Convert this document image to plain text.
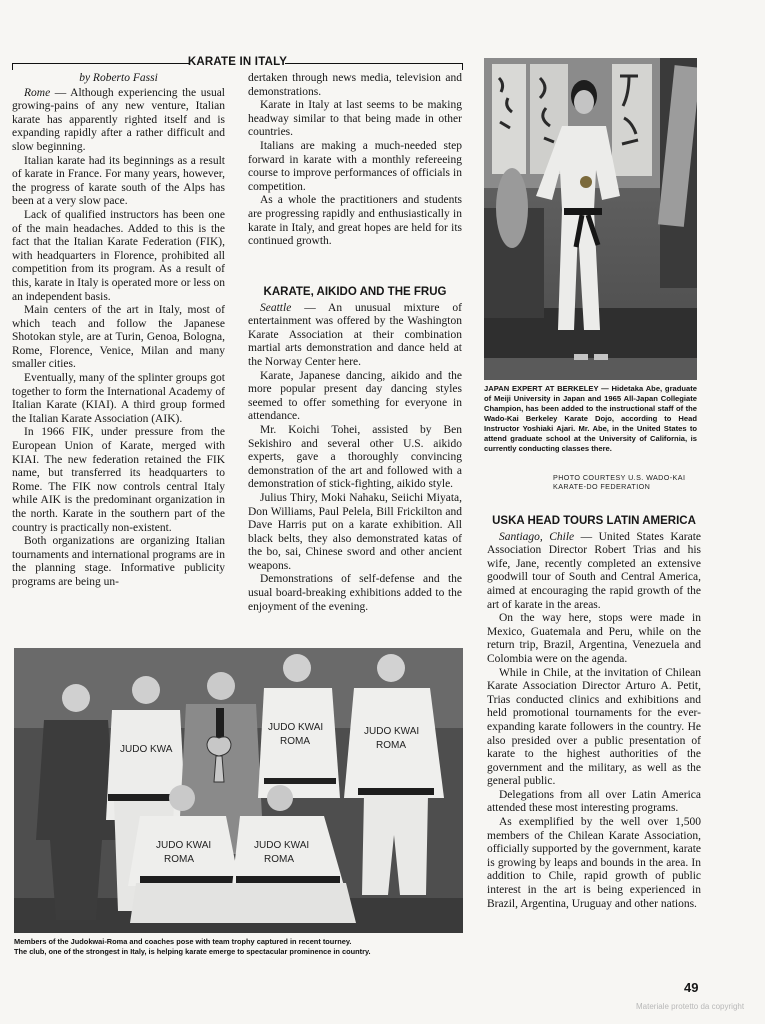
KARATE IN ITALY

by Roberto Fassi

Rome — Although experiencing the usual growing-pains of any new venture, Italian karate has apparently righted itself and is expanding rapidly after a rather difficult and slow beginning.

Italian karate had its beginnings as a result of karate in France. For many years, however, the progress of karate south of the Alps has been at a very slow pace.

Lack of qualified instructors has been one of the main headaches. Added to this is the fact that the Italian Karate Federation (FIK), with headquarters in Florence, prohibited all competition from its program. As a result of this, karate in Italy is operated more or less on an independent basis.

Main centers of the art in Italy, most of which teach and follow the Japanese Shotokan style, are at Turin, Genoa, Bologna, Rome, Florence, Venice, Milan and many smaller cities.

Eventually, many of the splinter groups got together to form the International Academy of Italian Karate (KIAI). A third group formed the Italian Karate Association (AIK).

In 1966 FIK, under pressure from the European Union of Karate, merged with KIAI. The new federation retained the FIK name, but transferred its headquarters to Rome. The FIK now controls central Italy while AIK is the predominant organization in the north. Karate in the southern part of the country is practically non-existent.

Both organizations are organizing Italian tournaments and international programs are in the planning stage. Informative publicity programs are being un-

dertaken through news media, television and demonstrations.

Karate in Italy at last seems to be making headway similar to that being made in other countries.

Italians are making a much-needed step forward in karate with a monthly refereeing course to improve performances of officials in competition.

As a whole the practitioners and students are progressing rapidly and enthusiastically in karate in Italy, and great hopes are held for its continued growth.

KARATE, AIKIDO AND THE FRUG

Seattle — An unusual mixture of entertainment was offered by the Washington Karate Association at their combination martial arts demonstration and dance held at the Norway Center here.

Karate, Japanese dancing, aikido and the more popular present day dancing styles seemed to offer something for everyone in attendance.

Mr. Koichi Tohei, assisted by Ben Sekishiro and several other U.S. aikido experts, gave a thoroughly convincing demonstration of the art and followed with a demonstration of stick-fighting, aikido style.

Julius Thiry, Moki Nahaku, Seiichi Miyata, Don Williams, Paul Pelela, Bill Frickilton and Dave Harris put on a karate exhibition. All black belts, they also demonstrated katas of the bo, sai, Chinese sword and other ancient weapons.

Demonstrations of self-defense and the usual board-breaking exhibitions added to the enjoyment of the evening.

JAPAN EXPERT AT BERKELEY — Hidetaka Abe, graduate of Meiji University in Japan and 1965 All-Japan Collegiate Champion, has been added to the instructional staff of the Wado-Kai Berkeley Karate Dojo, according to Head Instructor Yoshiaki Ajari. Mr. Abe, in the United States to attend graduate school at the University of California, is currently conducting classes there.
PHOTO COURTESY U.S. WADO-KAI
KARATE-DO FEDERATION

USKA HEAD TOURS LATIN AMERICA

Santiago, Chile — United States Karate Association Director Robert Trias and his wife, Jane, recently completed an extensive goodwill tour of South and Central America, aimed at encouraging the rapid growth of the art of karate in the areas.

On the way here, stops were made in Mexico, Guatemala and Peru, while on the return trip, Brazil, Argentina, Venezuela and Colombia were on the agenda.

While in Chile, at the invitation of Chilean Karate Association Director Arturo A. Petit, Trias conducted clinics and exhibitions and held promotional tournaments for the ever-expanding karate followers in the country. He also presided over a public presentation of karate to the highest authorities of the government and the military, as well as the general public.

Delegations from all over Latin America attended these most interesting programs.

As exemplified by the well over 1,500 members of the Chilean Karate Association, officially supported by the government, karate is growing by leaps and bounds in the area. In addition to Chile, rapid growth of public interest in the art is being experienced in Brazil, Argentina, Uruguay and other nations.

JUDO KWA
JUDO KWAI
ROMA
JUDO KWAI
ROMA
JUDO KWAI
ROMA
JUDO KWAI
ROMA
Members of the Judokwai-Roma and coaches pose with team trophy captured in recent tourney.
The club, one of the strongest in Italy, is helping karate emerge to spectacular prominence in country.
49
Materiale protetto da copyright
